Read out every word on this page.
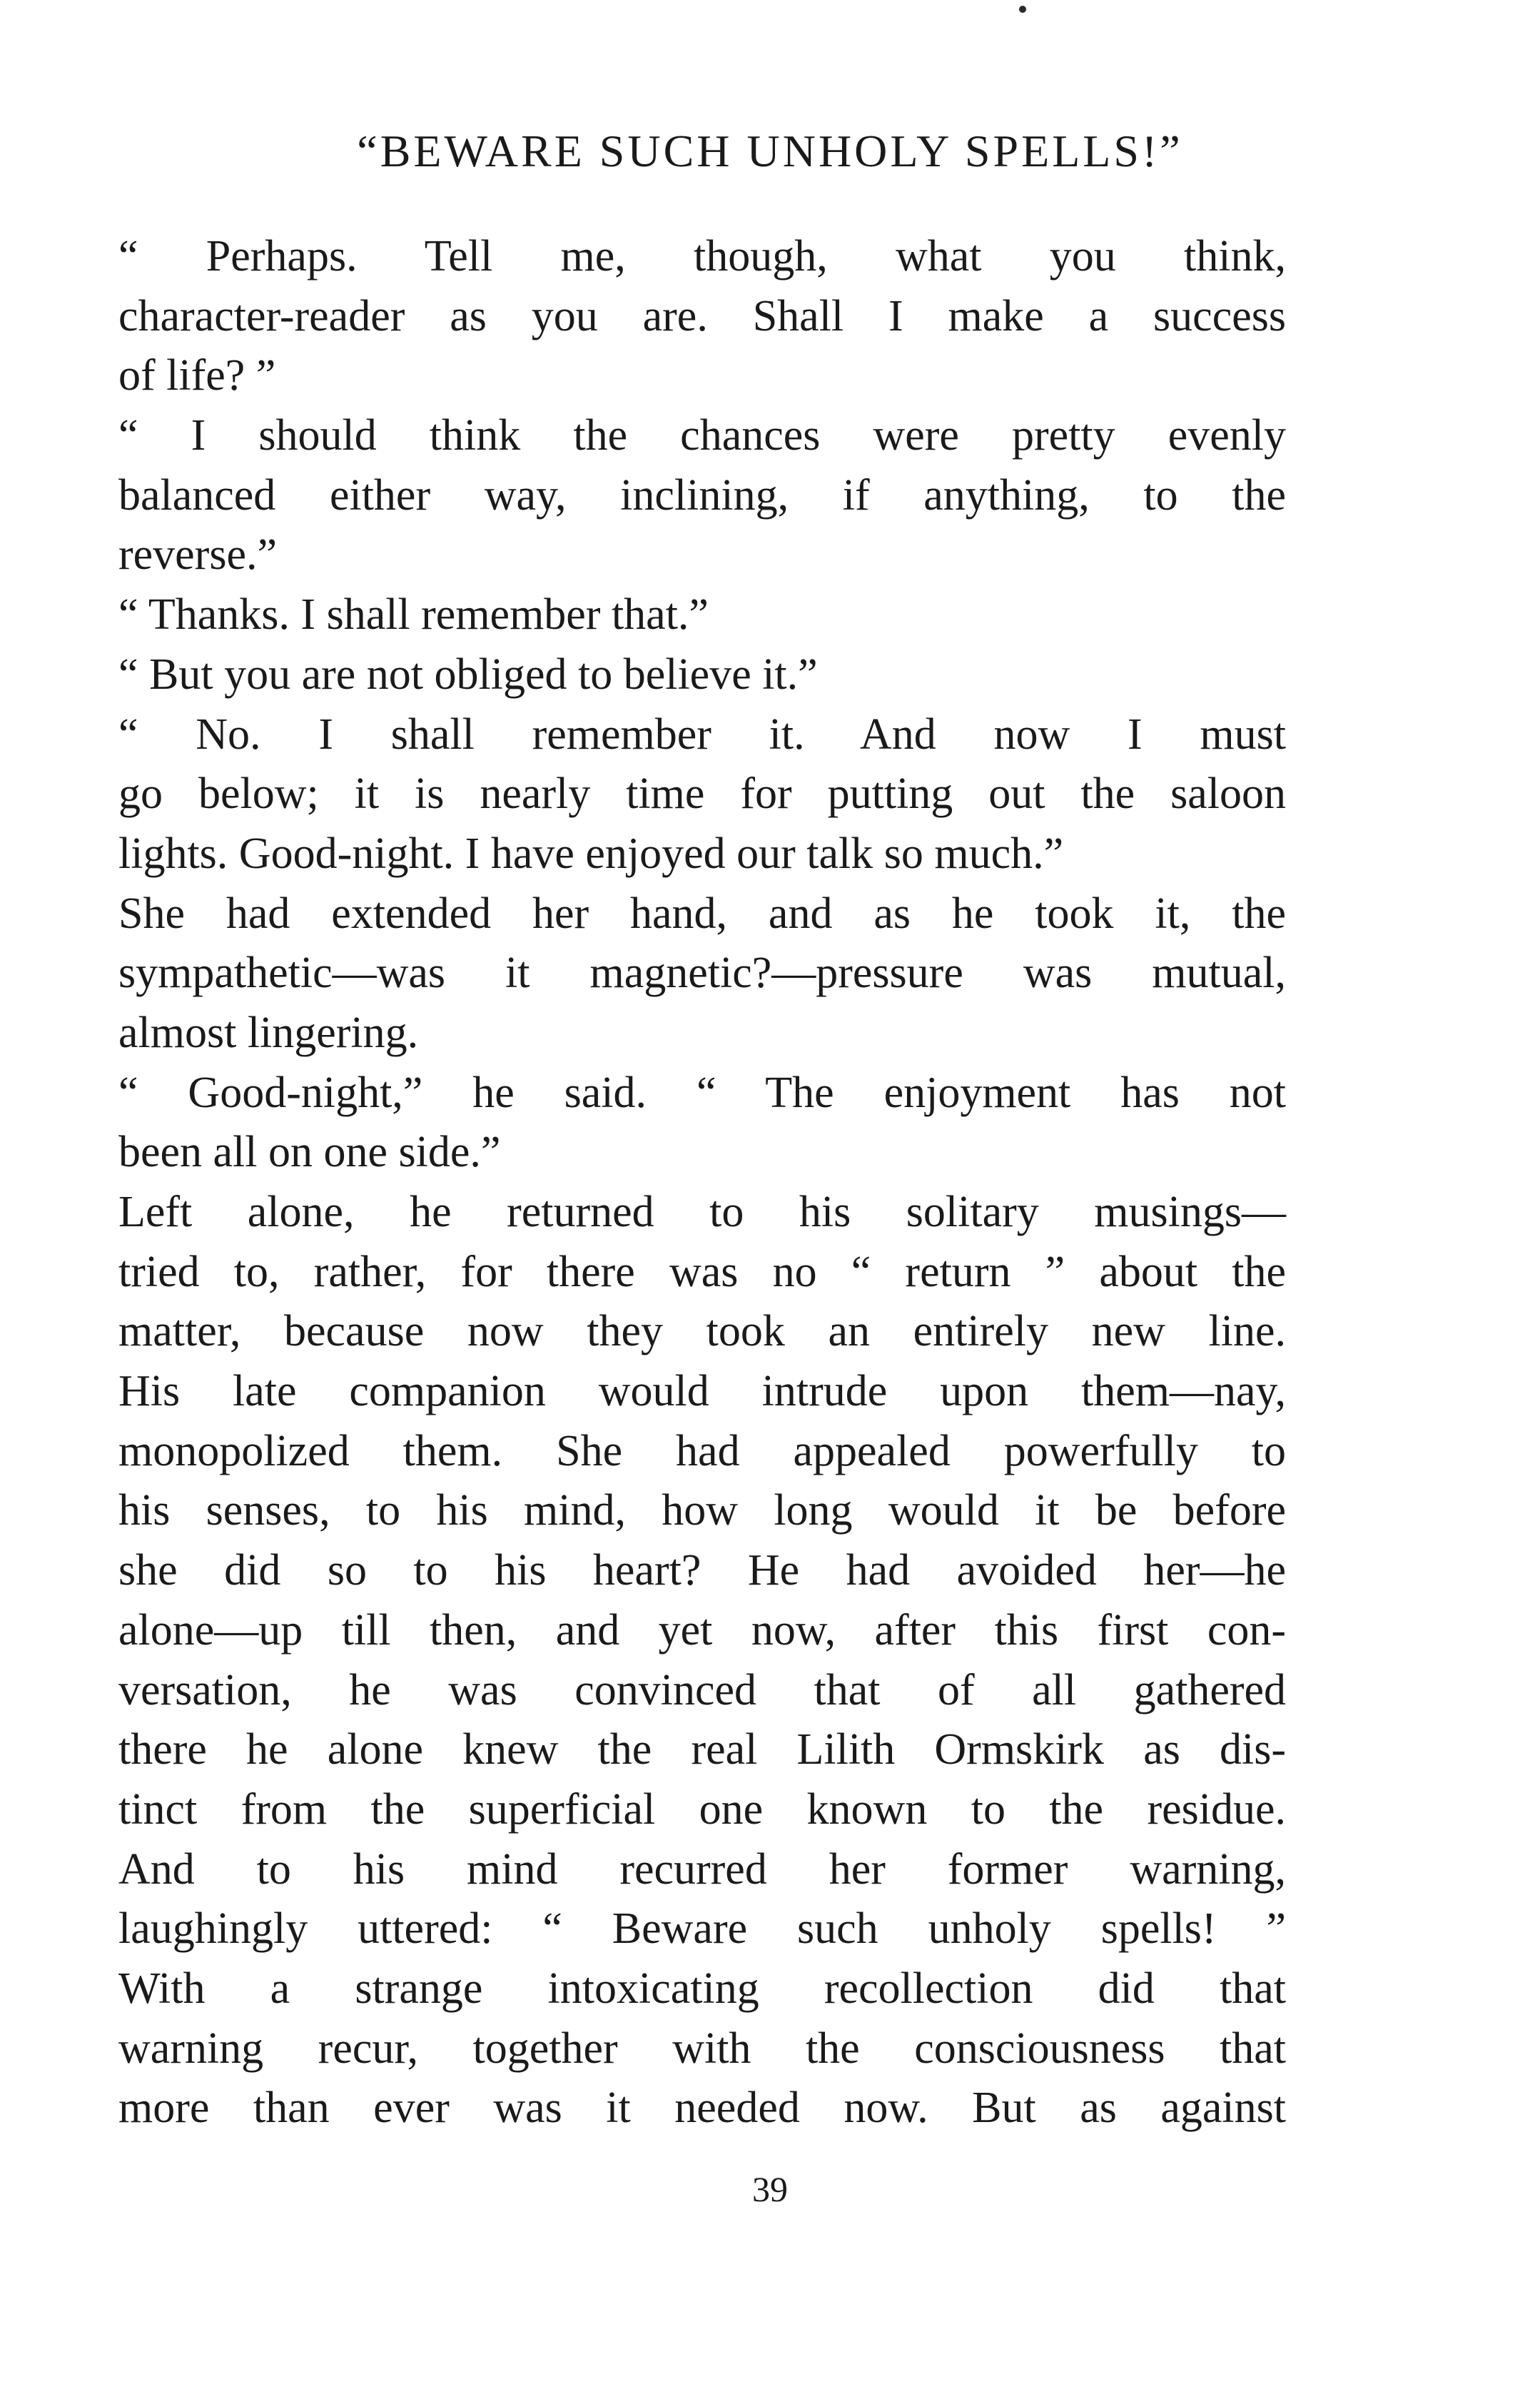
“BEWARE SUCH UNHOLY SPELLS!”
“ Perhaps. Tell me, though, what you think,
character-reader as you are. Shall I make a success
of life? ”
“ I should think the chances were pretty evenly
balanced either way, inclining, if anything, to the
reverse.”
“ Thanks. I shall remember that.”
“ But you are not obliged to believe it.”
“ No. I shall remember it. And now I must
go below; it is nearly time for putting out the saloon
lights. Good-night. I have enjoyed our talk so much.”
She had extended her hand, and as he took it, the
sympathetic—was it magnetic?—pressure was mutual,
almost lingering.
“ Good-night,” he said. “ The enjoyment has not
been all on one side.”
Left alone, he returned to his solitary musings—
tried to, rather, for there was no “ return ” about the
matter, because now they took an entirely new line.
His late companion would intrude upon them—nay,
monopolized them. She had appealed powerfully to
his senses, to his mind, how long would it be before
she did so to his heart? He had avoided her—he
alone—up till then, and yet now, after this first con-
versation, he was convinced that of all gathered
there he alone knew the real Lilith Ormskirk as dis-
tinct from the superficial one known to the residue.
And to his mind recurred her former warning,
laughingly uttered: “ Beware such unholy spells! ”
With a strange intoxicating recollection did that
warning recur, together with the consciousness that
more than ever was it needed now. But as against
39
